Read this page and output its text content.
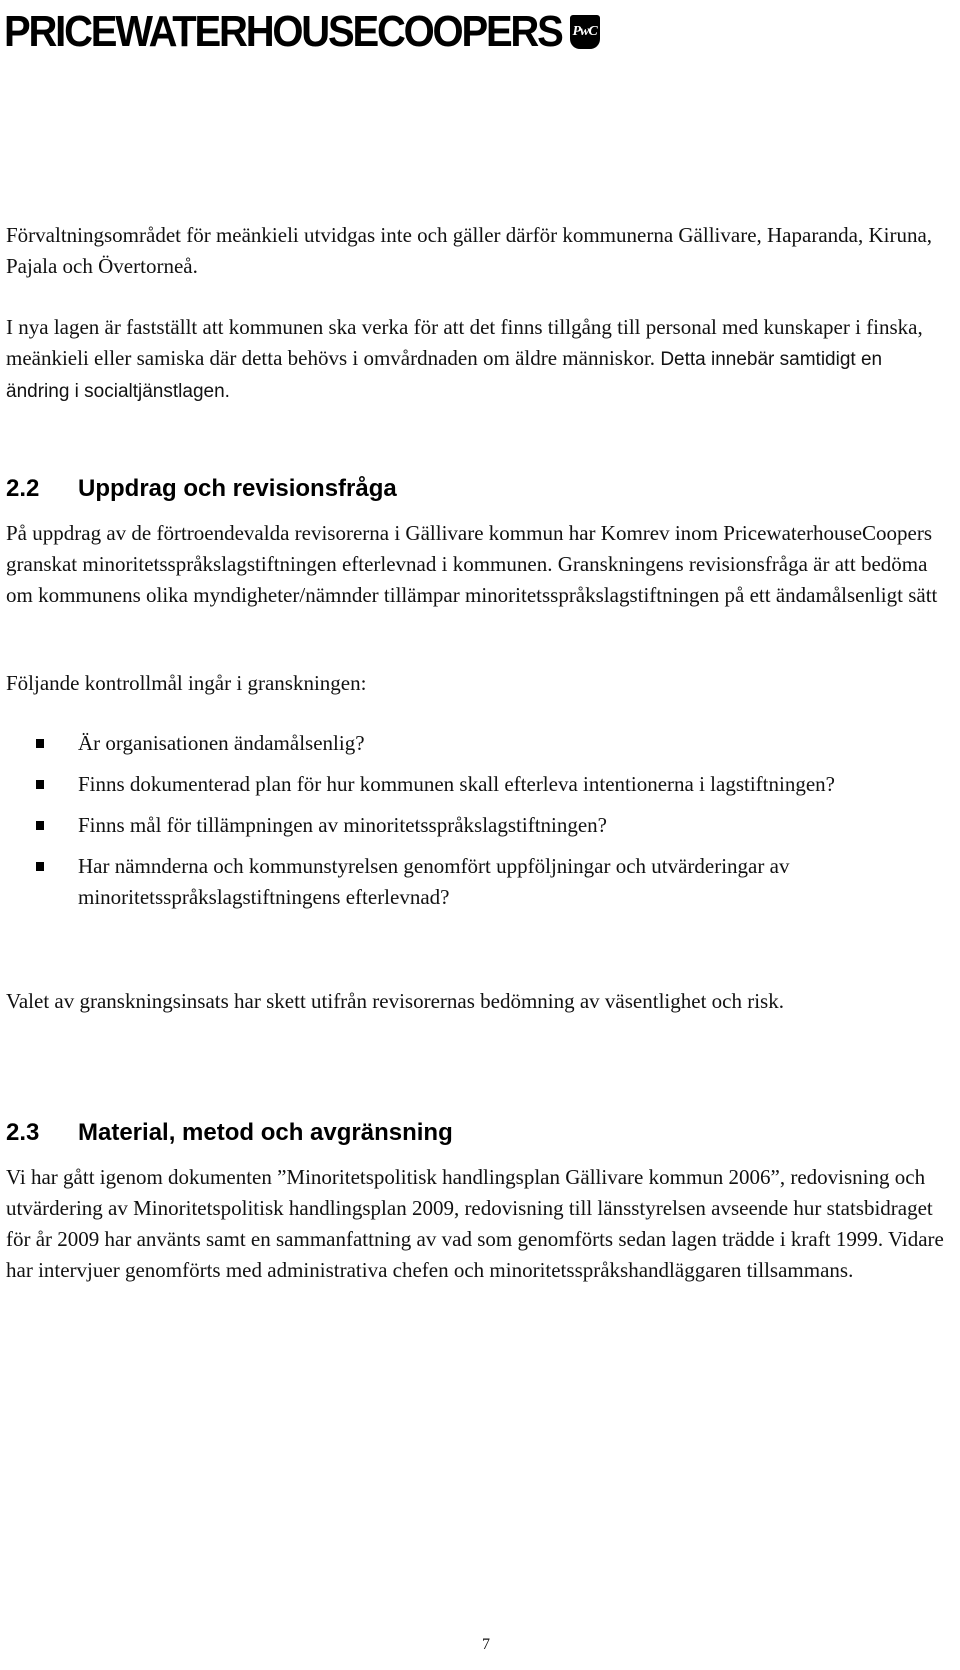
PRICEWATERHOUSECOOPERS PwC

Förvaltningsområdet för meänkieli utvidgas inte och gäller därför kommunerna Gällivare, Haparanda, Kiruna, Pajala och Övertorneå.

I nya lagen är fastställt att kommunen ska verka för att det finns tillgång till personal med kunskaper i finska, meänkieli eller samiska där detta behövs i omvårdnaden om äldre människor. Detta innebär samtidigt en ändring i socialtjänstlagen.

2.2	Uppdrag och revisionsfråga

På uppdrag av de förtroendevalda revisorerna i Gällivare kommun har Komrev inom PricewaterhouseCoopers granskat minoritetsspråkslagstiftningen efterlevnad i kommunen. Granskningens revisionsfråga är att bedöma om kommunens olika myndigheter/nämnder tillämpar minoritetsspråkslagstiftningen på ett ändamålsenligt sätt

Följande kontrollmål ingår i granskningen:

Är organisationen ändamålsenlig?
Finns dokumenterad plan för hur kommunen skall efterleva intentionerna i lagstiftningen?
Finns mål för tillämpningen av minoritetsspråkslagstiftningen?
Har nämnderna och kommunstyrelsen genomfört uppföljningar och utvärderingar av minoritetsspråkslagstiftningens efterlevnad?

Valet av granskningsinsats har skett utifrån revisorernas bedömning av väsentlighet och risk.

2.3	Material, metod och avgränsning

Vi har gått igenom dokumenten ”Minoritetspolitisk handlingsplan Gällivare kommun 2006”, redovisning och utvärdering av Minoritetspolitisk handlingsplan 2009, redovisning till länsstyrelsen avseende hur statsbidraget för år 2009 har använts samt en sammanfattning av vad som genomförts sedan lagen trädde i kraft 1999. Vidare har intervjuer genomförts med administrativa chefen och minoritetsspråkshandläggaren tillsammans.

7
